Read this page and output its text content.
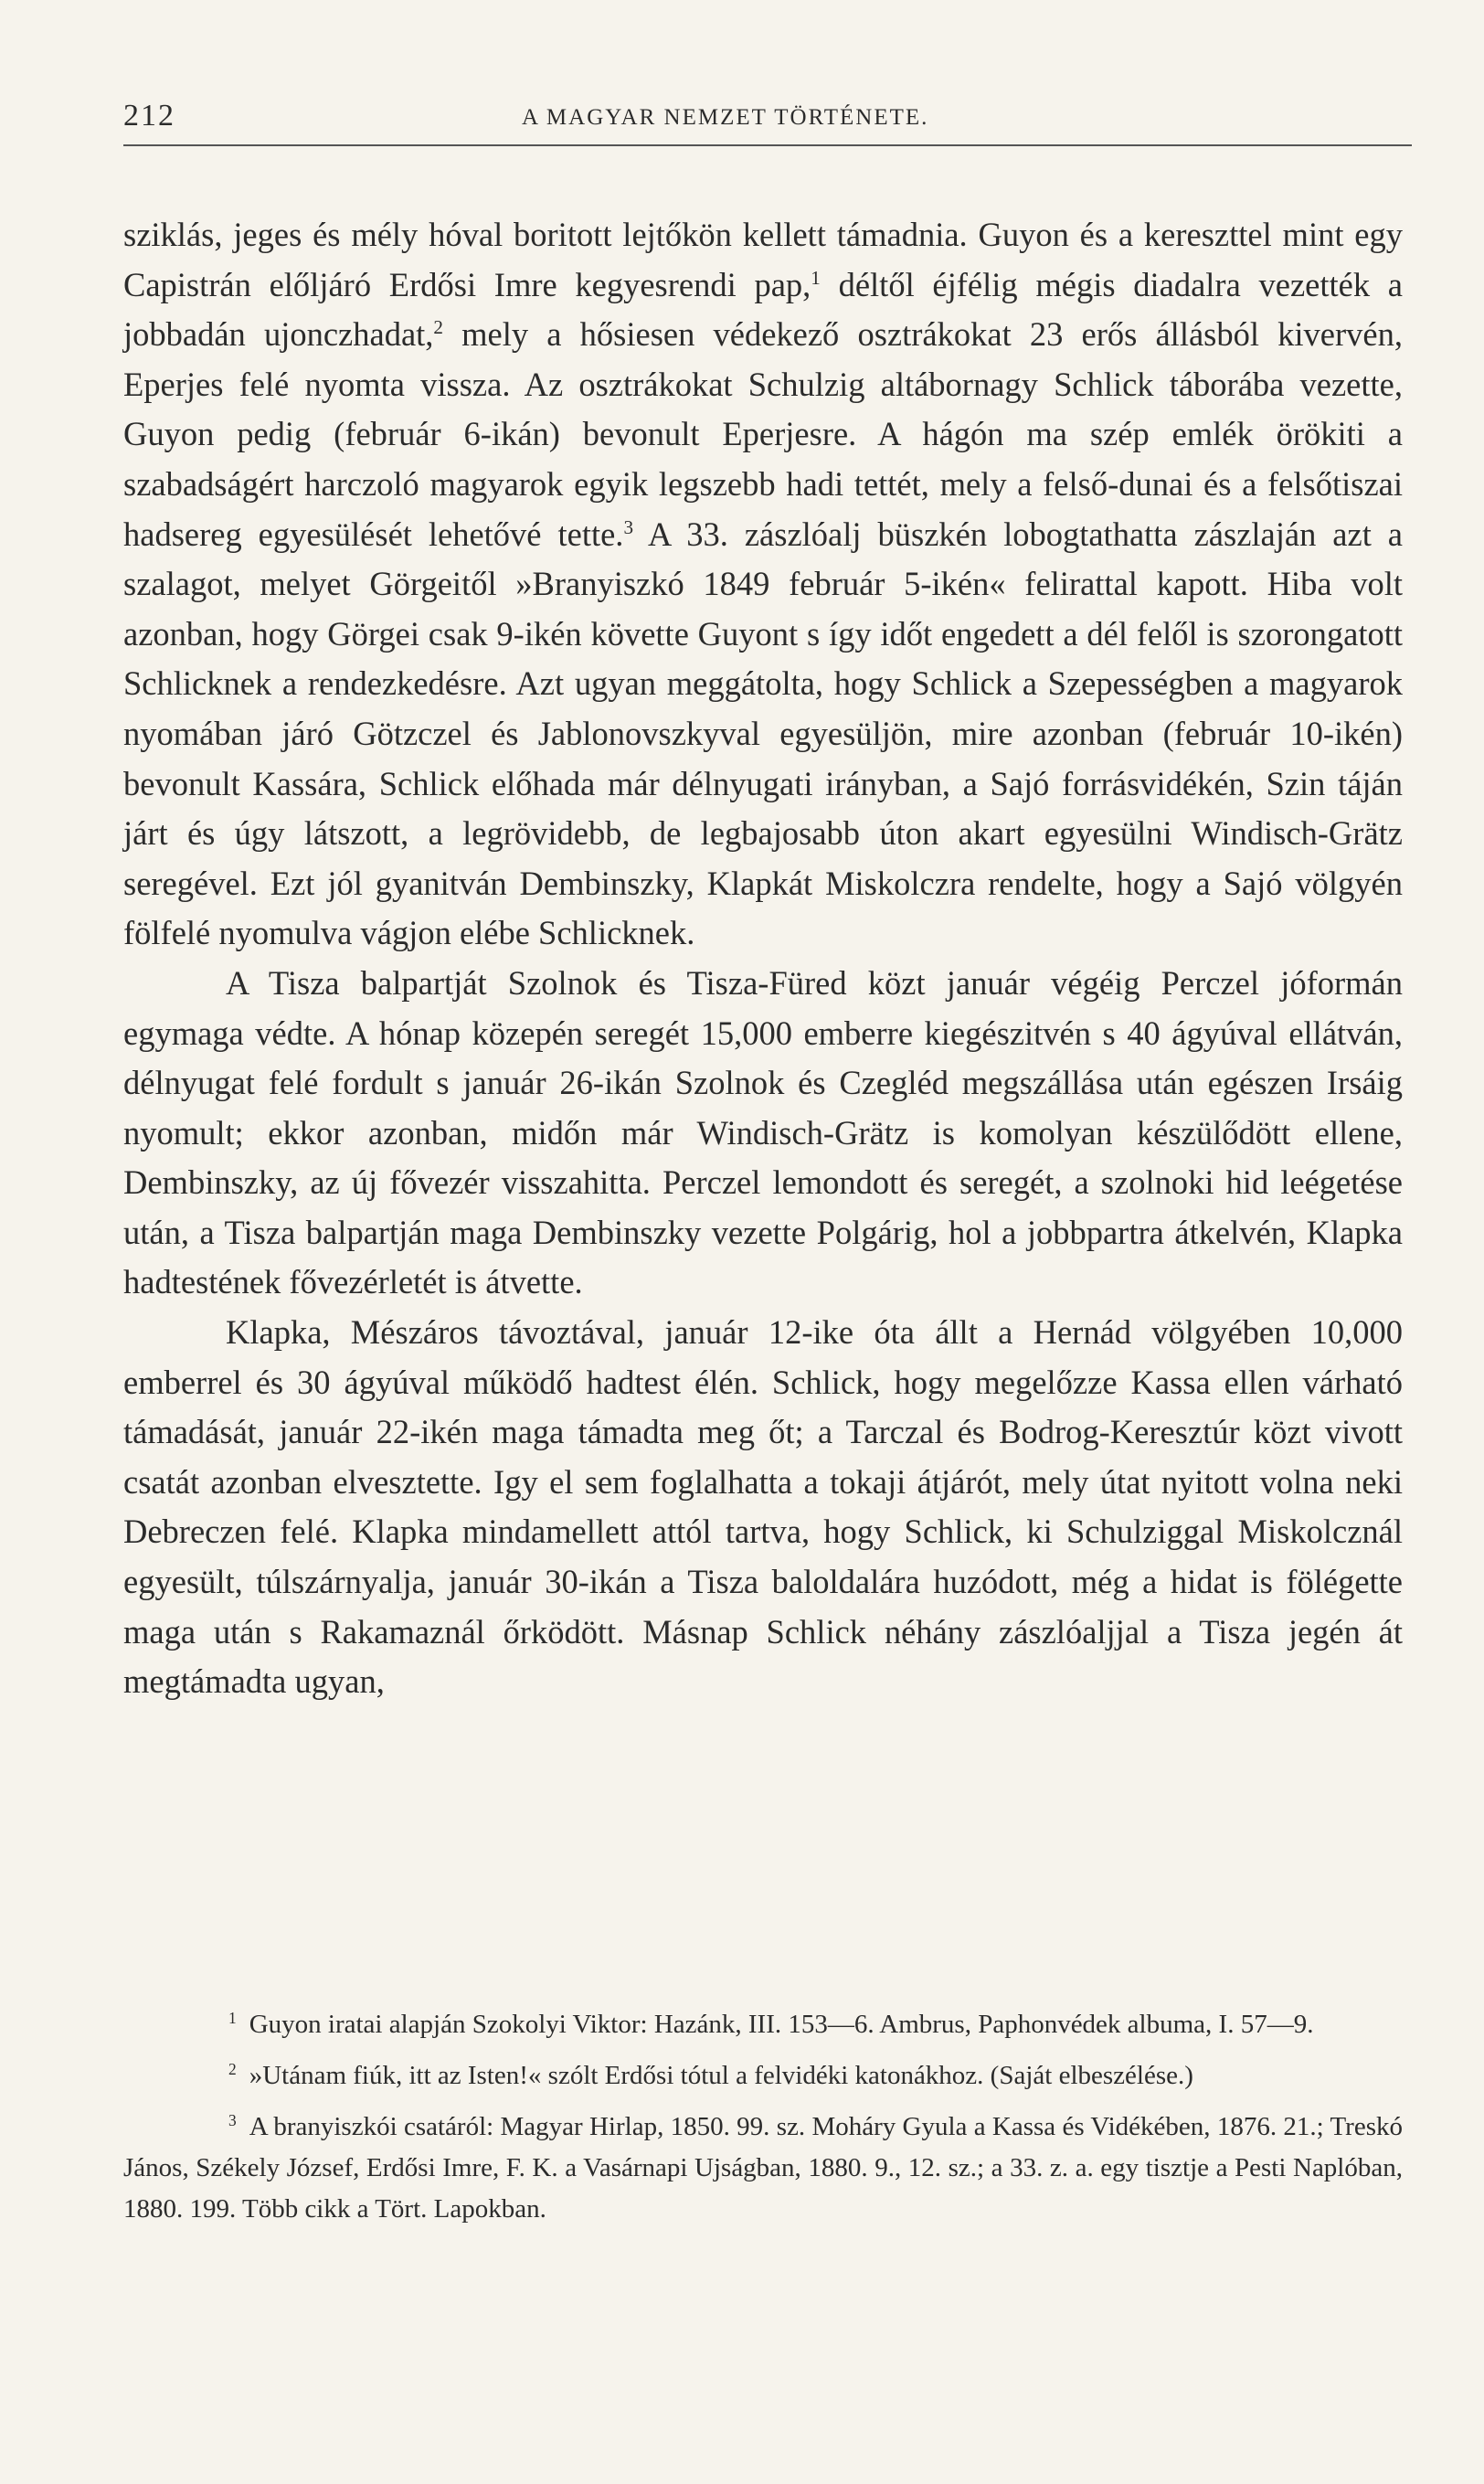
212	A MAGYAR NEMZET TÖRTÉNETE.

sziklás, jeges és mély hóval boritott lejtőkön kellett támadnia. Guyon és a kereszttel mint egy Capistrán előljáró Erdősi Imre kegyesrendi pap,$^1$ déltől éjfélig mégis diadalra vezették a jobbadán ujonczhadat,$^2$ mely a hősiesen védekező osztrákokat 23 erős állásból kivervén, Eperjes felé nyomta vissza. Az osztrákokat Schulzig altábornagy Schlick táborába vezette, Guyon pedig (február 6-ikán) bevonult Eperjesre. A hágón ma szép emlék örökiti a szabadságért harczoló magyarok egyik legszebb hadi tettét, mely a felső-dunai és a felsőtiszai hadsereg egyesülését lehetővé tette.$^3$ A 33. zászlóalj büszkén lobogtathatta zászlaján azt a szalagot, melyet Görgeitől »Branyiszkó 1849 február 5-ikén« felirattal kapott. Hiba volt azonban, hogy Görgei csak 9-ikén követte Guyont s így időt engedett a dél felől is szorongatott Schlicknek a rendezkedésre. Azt ugyan meggátolta, hogy Schlick a Szepességben a magyarok nyomában járó Götzczel és Jablonovszkyval egyesüljön, mire azonban (február 10-ikén) bevonult Kassára, Schlick előhada már délnyugati irányban, a Sajó forrásvidékén, Szin táján járt és úgy látszott, a legrövidebb, de legbajosabb úton akart egyesülni Windisch-Grätz seregével. Ezt jól gyanitván Dembinszky, Klapkát Miskolczra rendelte, hogy a Sajó völgyén fölfelé nyomulva vágjon elébe Schlicknek.

A Tisza balpartját Szolnok és Tisza-Füred közt január végéig Perczel jóformán egymaga védte. A hónap közepén seregét 15,000 emberre kiegészitvén s 40 ágyúval ellátván, délnyugat felé fordult s január 26-ikán Szolnok és Czegléd megszállása után egészen Irsáig nyomult; ekkor azonban, midőn már Windisch-Grätz is komolyan készülődött ellene, Dembinszky, az új fővezér visszahitta. Perczel lemondott és seregét, a szolnoki hid leégetése után, a Tisza balpartján maga Dembinszky vezette Polgárig, hol a jobbpartra átkelvén, Klapka hadtestének fővezérletét is átvette.

Klapka, Mészáros távoztával, január 12-ike óta állt a Hernád völgyében 10,000 emberrel és 30 ágyúval működő hadtest élén. Schlick, hogy megelőzze Kassa ellen várható támadását, január 22-ikén maga támadta meg őt; a Tarczal és Bodrog-Keresztúr közt vivott csatát azonban elvesztette. Igy el sem foglalhatta a tokaji átjárót, mely útat nyitott volna neki Debreczen felé. Klapka mindamellett attól tartva, hogy Schlick, ki Schulziggal Miskolcznál egyesült, túlszárnyalja, január 30-ikán a Tisza baloldalára huzódott, még a hidat is fölégette maga után s Rakamaznál őrködött. Másnap Schlick néhány zászlóaljjal a Tisza jegén át megtámadta ugyan,

$^1$ Guyon iratai alapján Szokolyi Viktor: Hazánk, III. 153—6. Ambrus, Paphonvédek albuma, I. 57—9.

$^2$ »Utánam fiúk, itt az Isten!« szólt Erdősi tótul a felvidéki katonákhoz. (Saját elbeszélése.)

$^3$ A branyiszkói csatáról: Magyar Hirlap, 1850. 99. sz. Moháry Gyula a Kassa és Vidékében, 1876. 21.; Treskó János, Székely József, Erdősi Imre, F. K. a Vasárnapi Ujságban, 1880. 9., 12. sz.; a 33. z. a. egy tisztje a Pesti Naplóban, 1880. 199. Több cikk a Tört. Lapokban.
